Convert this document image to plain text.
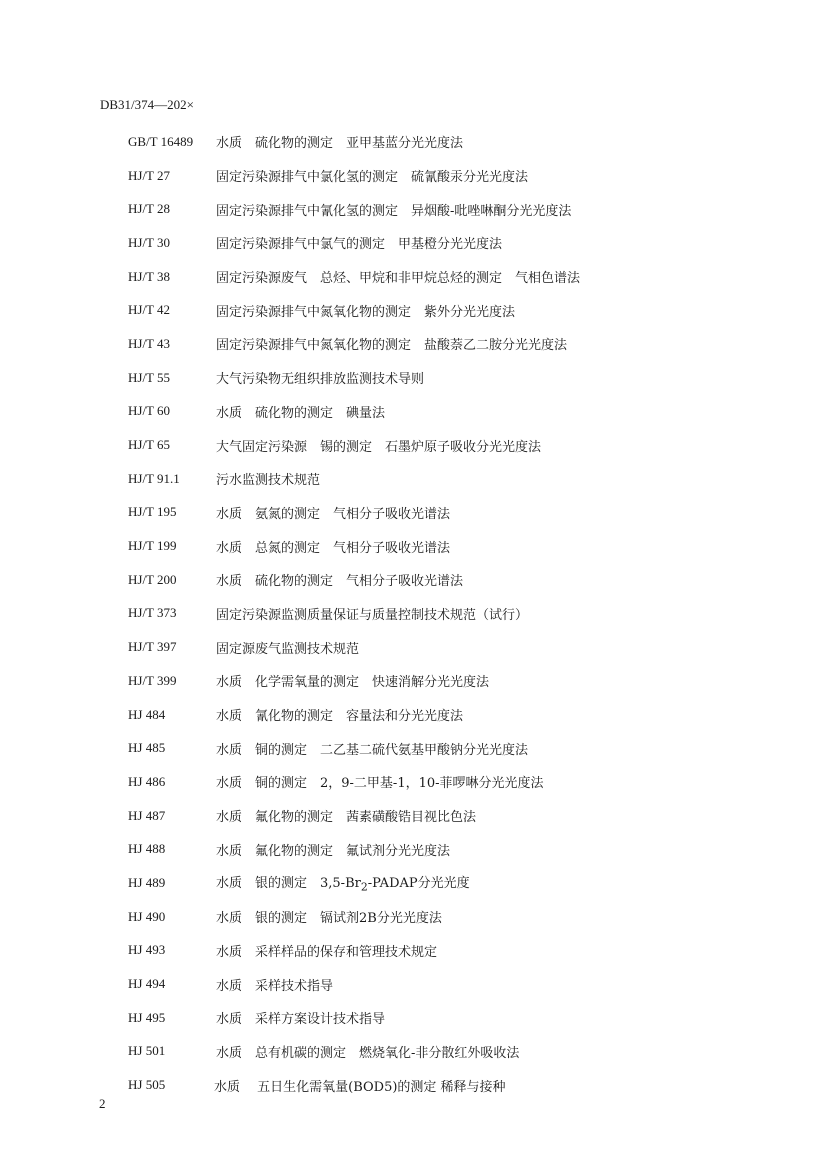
DB31/374—202×
GB/T 16489	水质　硫化物的测定　亚甲基蓝分光光度法
HJ/T 27	固定污染源排气中氯化氢的测定　硫氰酸汞分光光度法
HJ/T 28	固定污染源排气中氰化氢的测定　异烟酸-吡唑啉酮分光光度法
HJ/T 30	固定污染源排气中氯气的测定　甲基橙分光光度法
HJ/T 38	固定污染源废气　总烃、甲烷和非甲烷总烃的测定　气相色谱法
HJ/T 42	固定污染源排气中氮氧化物的测定　紫外分光光度法
HJ/T 43	固定污染源排气中氮氧化物的测定　盐酸萘乙二胺分光光度法
HJ/T 55	大气污染物无组织排放监测技术导则
HJ/T 60	水质　硫化物的测定　碘量法
HJ/T 65	大气固定污染源　锡的测定　石墨炉原子吸收分光光度法
HJ/T 91.1	污水监测技术规范
HJ/T 195	水质　氨氮的测定　气相分子吸收光谱法
HJ/T 199	水质　总氮的测定　气相分子吸收光谱法
HJ/T 200	水质　硫化物的测定　气相分子吸收光谱法
HJ/T 373	固定污染源监测质量保证与质量控制技术规范（试行）
HJ/T 397	固定源废气监测技术规范
HJ/T 399	水质　化学需氧量的测定　快速消解分光光度法
HJ 484	水质　氰化物的测定　容量法和分光光度法
HJ 485	水质　铜的测定　二乙基二硫代氨基甲酸钠分光光度法
HJ 486	水质　铜的测定　2，9-二甲基-1，10-菲啰啉分光光度法
HJ 487	水质　氟化物的测定　茜素磺酸锆目视比色法
HJ 488	水质　氟化物的测定　氟试剂分光光度法
HJ 489	水质　银的测定　$3,5-Br_2$-PADAP分光光度
HJ 490	水质　银的测定　镉试剂2B分光光度法
HJ 493	水质　采样样品的保存和管理技术规定
HJ 494	水质　采样技术指导
HJ 495	水质　采样方案设计技术指导
HJ 501	水质　总有机碳的测定　燃烧氧化-非分散红外吸收法
HJ 505	水质　 五日生化需氧量(BOD5)的测定 稀释与接种
2
